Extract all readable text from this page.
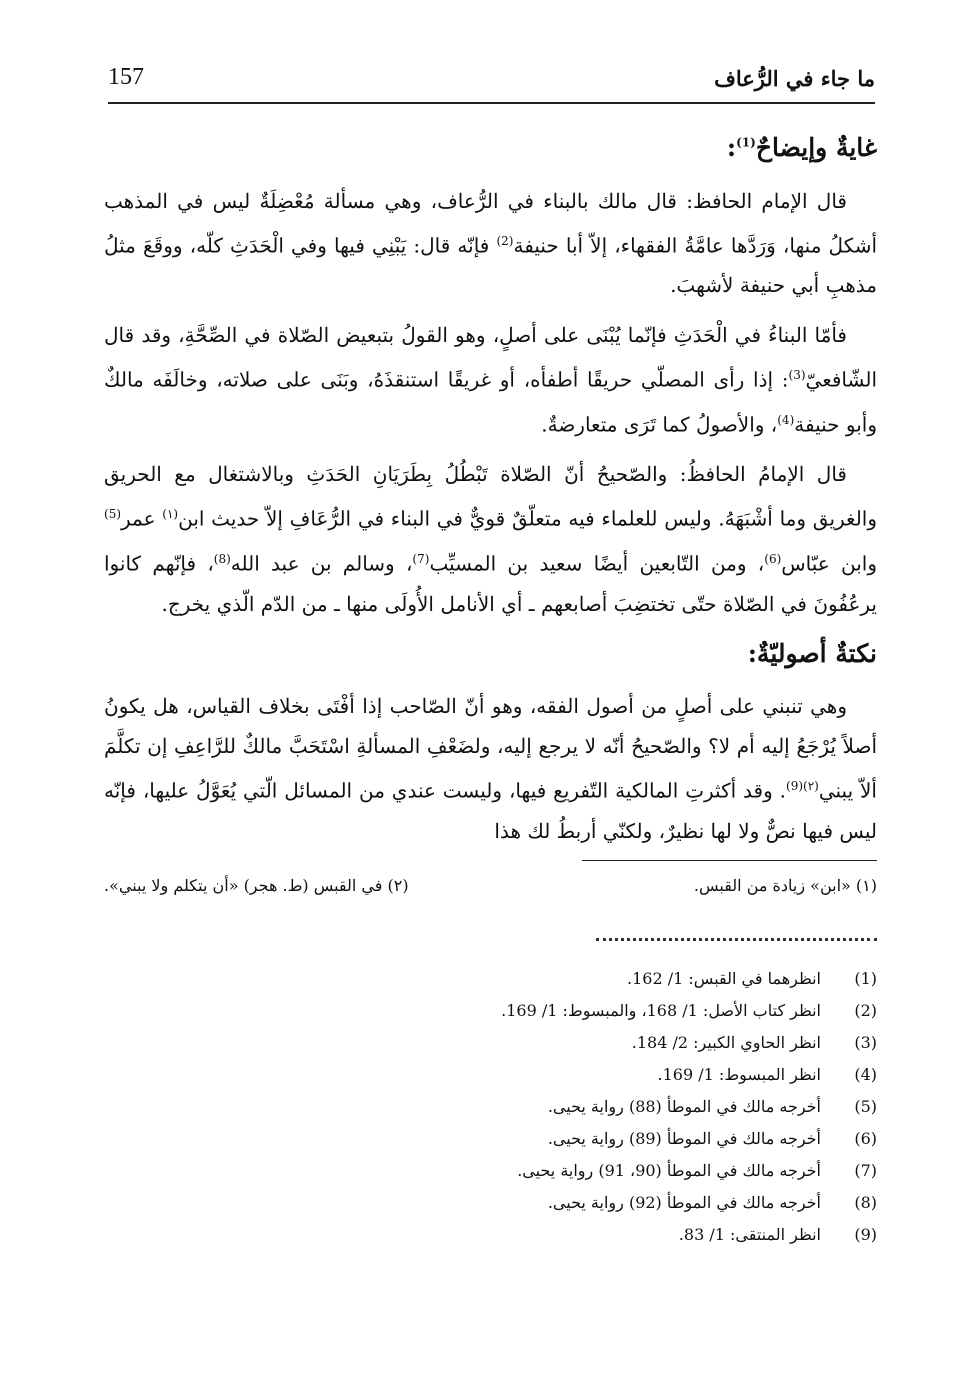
157	ما جاء في الرُّعاف
غايةٌ وإيضاحٌ$^{(1)}$:

قال الإمام الحافظ: قال مالك بالبناء في الرُّعاف، وهي مسألة مُعْضِلَةٌ ليس في المذهب أشكلُ منها، وَرَدَّها عامَّةُ الفقهاء، إلاّ أبا حنيفة$^{(2)}$ فإنّه قال: يَبْنِي فيها وفي الْحَدَثِ كلّه، ووقَعَ مثلُ مذهبِ أبي حنيفة لأشهبَ.

فأمّا البناءُ في الْحَدَثِ فإنّما يُبْنَى على أصلٍ، وهو القولُ بتبعيض الصّلاة في الصِّحَّةِ، وقد قال الشّافعيّ$^{(3)}$: إذا رأى المصلّي حريقًا أطفأه، أو غريقًا استنقذَهُ، وبَنَى على صلاته، وخالَفَه مالكٌ وأبو حنيفة$^{(4)}$، والأصولُ كما تَرَى متعارضةٌ.

قال الإمامُ الحافظُ: والصّحيحُ أنّ الصّلاة تَبْطُلُ بِطَرَيَانِ الحَدَثِ وبالاشتغال مع الحريق والغريق وما أشْبَهَهُ. وليس للعلماء فيه متعلّقٌ قويٌّ في البناء في الرُّعَافِ إلاّ حديث ابن$^{(١)}$ عمر$^{(5)}$ وابن عبّاس$^{(6)}$، ومن التّابعين أيضًا سعيد بن المسيِّب$^{(7)}$، وسالم بن عبد الله$^{(8)}$، فإنّهم كانوا يرعُفُونَ في الصّلاة حتّى تختضِبَ أصابعهم ـ أي الأنامل الأُولَى منها ـ من الدّم الّذي يخرج.

نكتةٌ أصوليّةٌ:

وهي تنبني على أصلٍ من أصول الفقه، وهو أنّ الصّاحب إذا أفْتَى بخلاف القياس، هل يكونُ أصلاً يُرْجَعُ إليه أم لا؟ والصّحيحُ أنّه لا يرجع إليه، ولضَعْفِ المسألةِ اسْتَحَبَّ مالكٌ للرَّاعِفِ إن تكلَّمَ ألاّ يبني$^{(٢)(9)}$. وقد أكثرتِ المالكية التّفريع فيها، وليست عندي من المسائل الّتي يُعَوَّلُ عليها، فإنّه ليس فيها نصٌّ ولا لها نظيرٌ، ولكنّي أربطُ لك هذا

(١) «ابن» زيادة من القبس.
(٢) في القبس (ط. هجر) «أن يتكلم ولا يبني».
(1)
انظرهما في القبس: 1/ 162.
(2)
انظر كتاب الأصل: 1/ 168، والمبسوط: 1/ 169.
(3)
انظر الحاوي الكبير: 2/ 184.
(4)
انظر المبسوط: 1/ 169.
(5)
أخرجه مالك في الموطأ (88) رواية يحيى.
(6)
أخرجه مالك في الموطأ (89) رواية يحيى.
(7)
أخرجه مالك في الموطأ (90، 91) رواية يحيى.
(8)
أخرجه مالك في الموطأ (92) رواية يحيى.
(9)
انظر المنتقى: 1/ 83.
